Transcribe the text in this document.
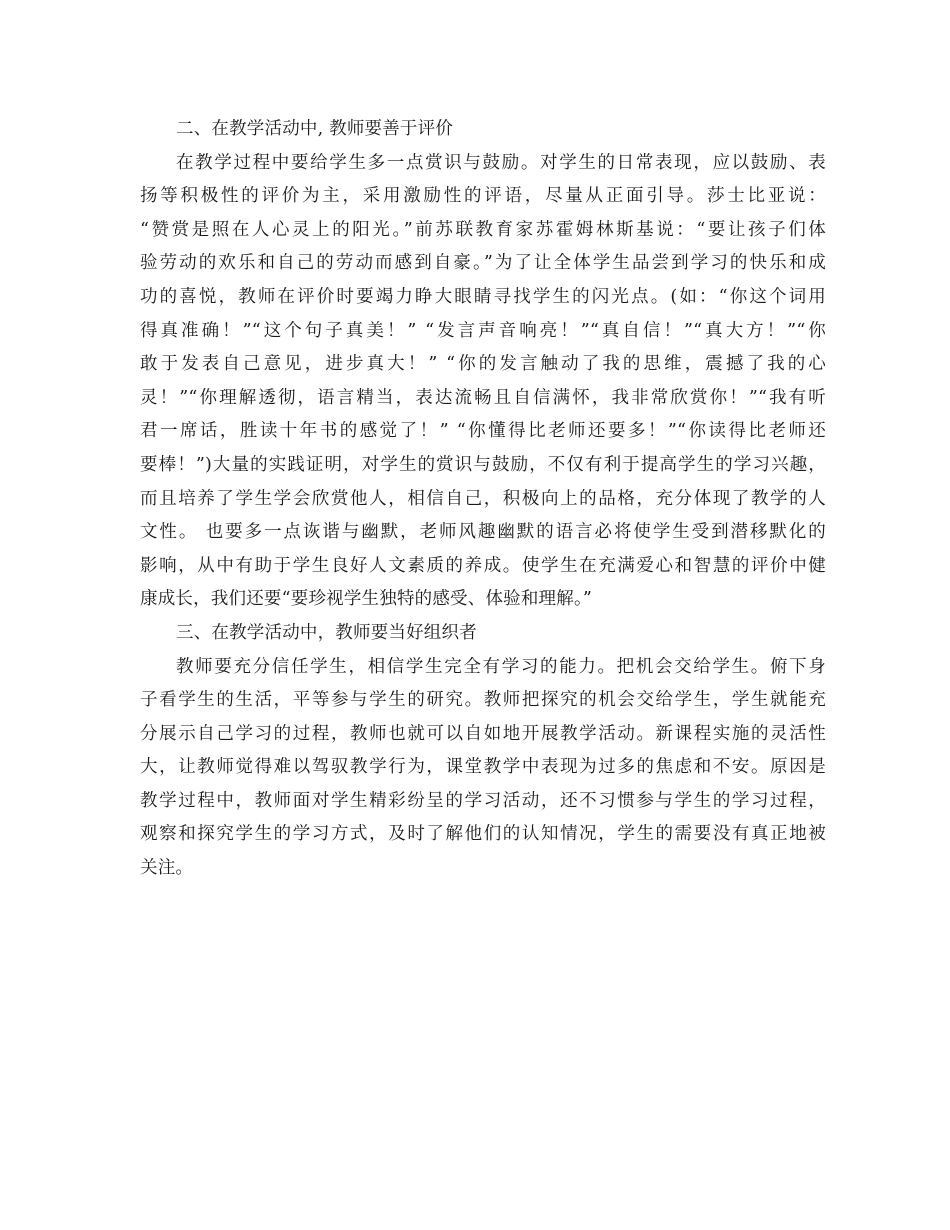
二、在教学活动中, 教师要善于评价
在教学过程中要给学生多一点赏识与鼓励。对学生的日常表现，应以鼓励、表
扬等积极性的评价为主，采用激励性的评语，尽量从正面引导。莎士比亚说：
“赞赏是照在人心灵上的阳光。”前苏联教育家苏霍姆林斯基说：“要让孩子们体
验劳动的欢乐和自己的劳动而感到自豪。”为了让全体学生品尝到学习的快乐和成
功的喜悦，教师在评价时要竭力睁大眼睛寻找学生的闪光点。(如：“你这个词用
得真准确！”“这个句子真美！” “发言声音响亮！”“真自信！”“真大方！”“你
敢于发表自己意见，进步真大！” “你的发言触动了我的思维，震撼了我的心
灵！”“你理解透彻，语言精当，表达流畅且自信满怀，我非常欣赏你！”“我有听
君一席话，胜读十年书的感觉了！” “你懂得比老师还要多！”“你读得比老师还
要棒！”)大量的实践证明，对学生的赏识与鼓励，不仅有利于提高学生的学习兴趣，
而且培养了学生学会欣赏他人，相信自己，积极向上的品格，充分体现了教学的人
文性。 也要多一点诙谐与幽默，老师风趣幽默的语言必将使学生受到潜移默化的
影响，从中有助于学生良好人文素质的养成。使学生在充满爱心和智慧的评价中健
康成长，我们还要“要珍视学生独特的感受、体验和理解。”
三、在教学活动中，教师要当好组织者
教师要充分信任学生，相信学生完全有学习的能力。把机会交给学生。俯下身
子看学生的生活，平等参与学生的研究。教师把探究的机会交给学生，学生就能充
分展示自己学习的过程，教师也就可以自如地开展教学活动。新课程实施的灵活性
大，让教师觉得难以驾驭教学行为，课堂教学中表现为过多的焦虑和不安。原因是
教学过程中，教师面对学生精彩纷呈的学习活动，还不习惯参与学生的学习过程，
观察和探究学生的学习方式，及时了解他们的认知情况，学生的需要没有真正地被
关注。
